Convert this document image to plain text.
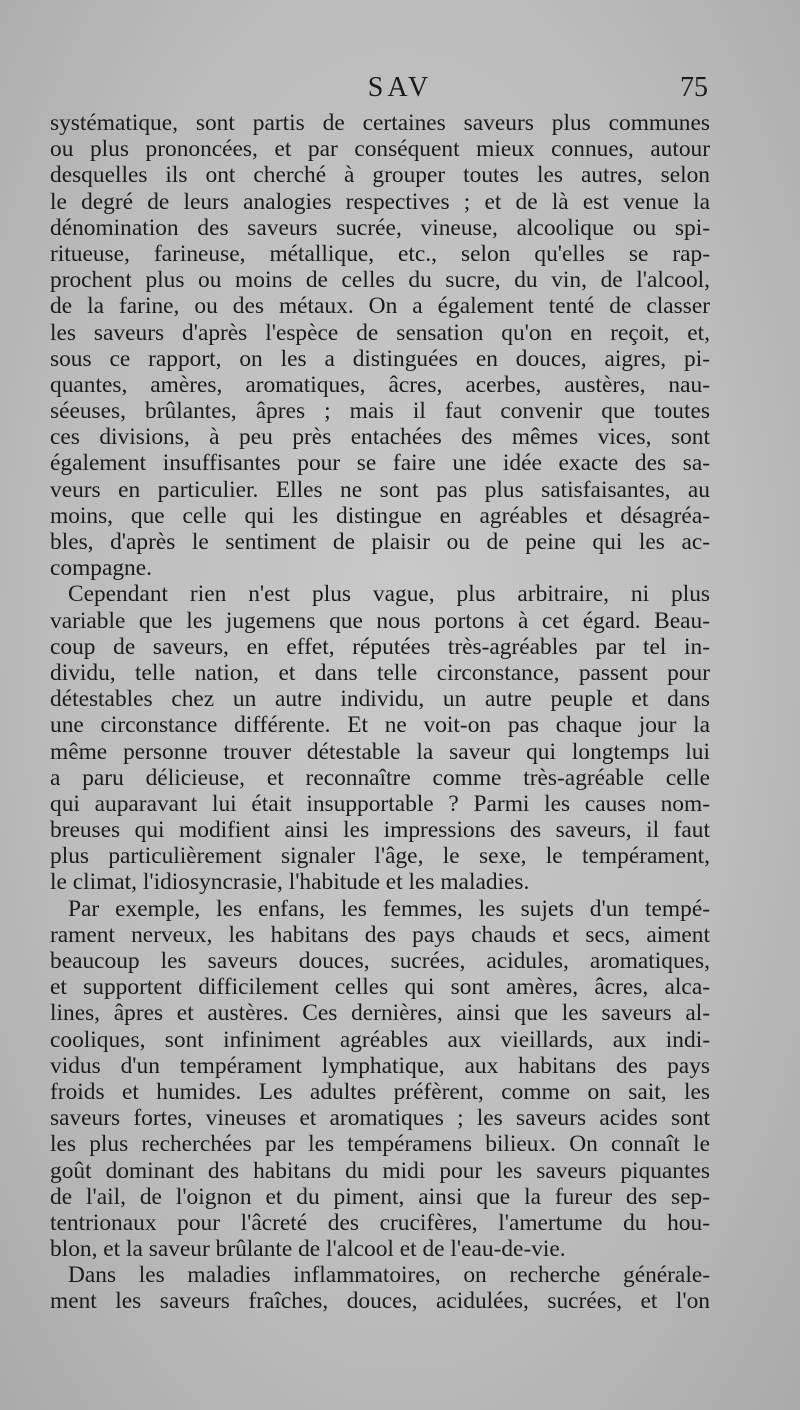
SAV	75
systématique, sont partis de certaines saveurs plus communes
ou plus prononcées, et par conséquent mieux connues, autour
desquelles ils ont cherché à grouper toutes les autres, selon
le degré de leurs analogies respectives ; et de là est venue la
dénomination des saveurs sucrée, vineuse, alcoolique ou spi-
ritueuse, farineuse, métallique, etc., selon qu'elles se rap-
prochent plus ou moins de celles du sucre, du vin, de l'alcool,
de la farine, ou des métaux. On a également tenté de classer
les saveurs d'après l'espèce de sensation qu'on en reçoit, et,
sous ce rapport, on les a distinguées en douces, aigres, pi-
quantes, amères, aromatiques, âcres, acerbes, austères, nau-
séeuses, brûlantes, âpres ; mais il faut convenir que toutes
ces divisions, à peu près entachées des mêmes vices, sont
également insuffisantes pour se faire une idée exacte des sa-
veurs en particulier. Elles ne sont pas plus satisfaisantes, au
moins, que celle qui les distingue en agréables et désagréa-
bles, d'après le sentiment de plaisir ou de peine qui les ac-
compagne.
Cependant rien n'est plus vague, plus arbitraire, ni plus
variable que les jugemens que nous portons à cet égard. Beau-
coup de saveurs, en effet, réputées très-agréables par tel in-
dividu, telle nation, et dans telle circonstance, passent pour
détestables chez un autre individu, un autre peuple et dans
une circonstance différente. Et ne voit-on pas chaque jour la
même personne trouver détestable la saveur qui longtemps lui
a paru délicieuse, et reconnaître comme très-agréable celle
qui auparavant lui était insupportable ? Parmi les causes nom-
breuses qui modifient ainsi les impressions des saveurs, il faut
plus particulièrement signaler l'âge, le sexe, le tempérament,
le climat, l'idiosyncrasie, l'habitude et les maladies.
Par exemple, les enfans, les femmes, les sujets d'un tempé-
rament nerveux, les habitans des pays chauds et secs, aiment
beaucoup les saveurs douces, sucrées, acidules, aromatiques,
et supportent difficilement celles qui sont amères, âcres, alca-
lines, âpres et austères. Ces dernières, ainsi que les saveurs al-
cooliques, sont infiniment agréables aux vieillards, aux indi-
vidus d'un tempérament lymphatique, aux habitans des pays
froids et humides. Les adultes préfèrent, comme on sait, les
saveurs fortes, vineuses et aromatiques ; les saveurs acides sont
les plus recherchées par les tempéramens bilieux. On connaît le
goût dominant des habitans du midi pour les saveurs piquantes
de l'ail, de l'oignon et du piment, ainsi que la fureur des sep-
tentrionaux pour l'âcreté des crucifères, l'amertume du hou-
blon, et la saveur brûlante de l'alcool et de l'eau-de-vie.
Dans les maladies inflammatoires, on recherche générale-
ment les saveurs fraîches, douces, acidulées, sucrées, et l'on
